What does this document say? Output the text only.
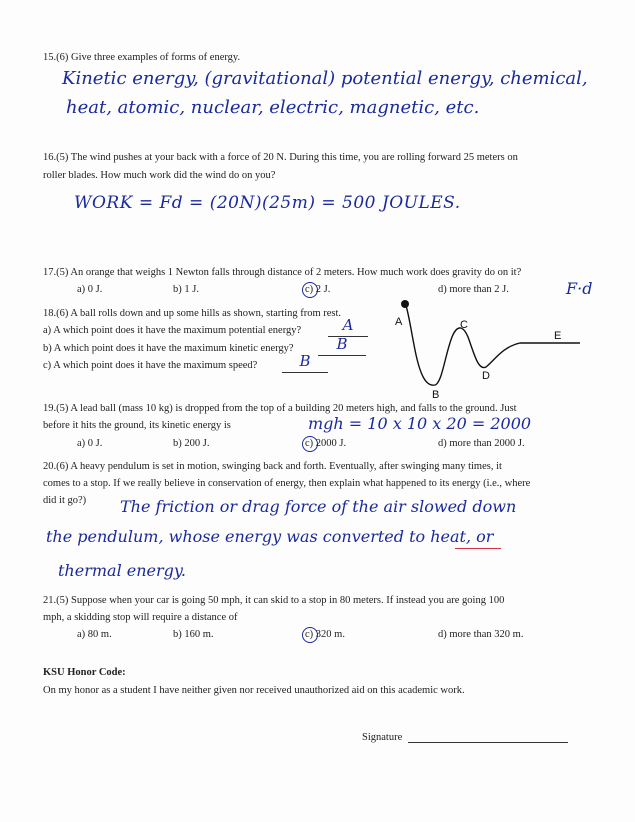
15.(6) Give three examples of forms of energy.
Kinetic energy, (gravitational) potential energy, chemical,
heat, atomic, nuclear, electric, magnetic, etc.
16.(5) The wind pushes at your back with a force of 20 N. During this time, you are rolling forward 25 meters on
roller blades. How much work did the wind do on you?
WORK = Fd = (20N)(25m) = 500 JOULES.
17.(5) An orange that weighs 1 Newton falls through distance of 2 meters. How much work does gravity do on it?
a) 0 J.	b) 1 J.	c) 2 J.	d) more than 2 J.	F·d
18.(6) A ball rolls down and up some hills as shown, starting from rest.
a) A which point does it have the maximum potential energy?	A
b) A which point does it have the maximum kinetic energy?	B
c) A which point does it have the maximum speed?	B
A
B
C
D
E
19.(5) A lead ball (mass 10 kg) is dropped from the top of a building 20 meters high, and falls to the ground. Just
before it hits the ground, its kinetic energy is	mgh = 10 x 10 x 20 = 2000
a) 0 J.	b) 200 J.	c) 2000 J.	d) more than 2000 J.
20.(6) A heavy pendulum is set in motion, swinging back and forth. Eventually, after swinging many times, it
comes to a stop. If we really believe in conservation of energy, then explain what happened to its energy (i.e., where
did it go?) The friction or drag force of the air slowed down
the pendulum, whose energy was converted to heat, or
thermal energy.
21.(5) Suppose when your car is going 50 mph, it can skid to a stop in 80 meters. If instead you are going 100
mph, a skidding stop will require a distance of
a) 80 m.	b) 160 m.	c) 320 m.	d) more than 320 m.
KSU Honor Code:
On my honor as a student I have neither given nor received unauthorized aid on this academic work.
Signature
